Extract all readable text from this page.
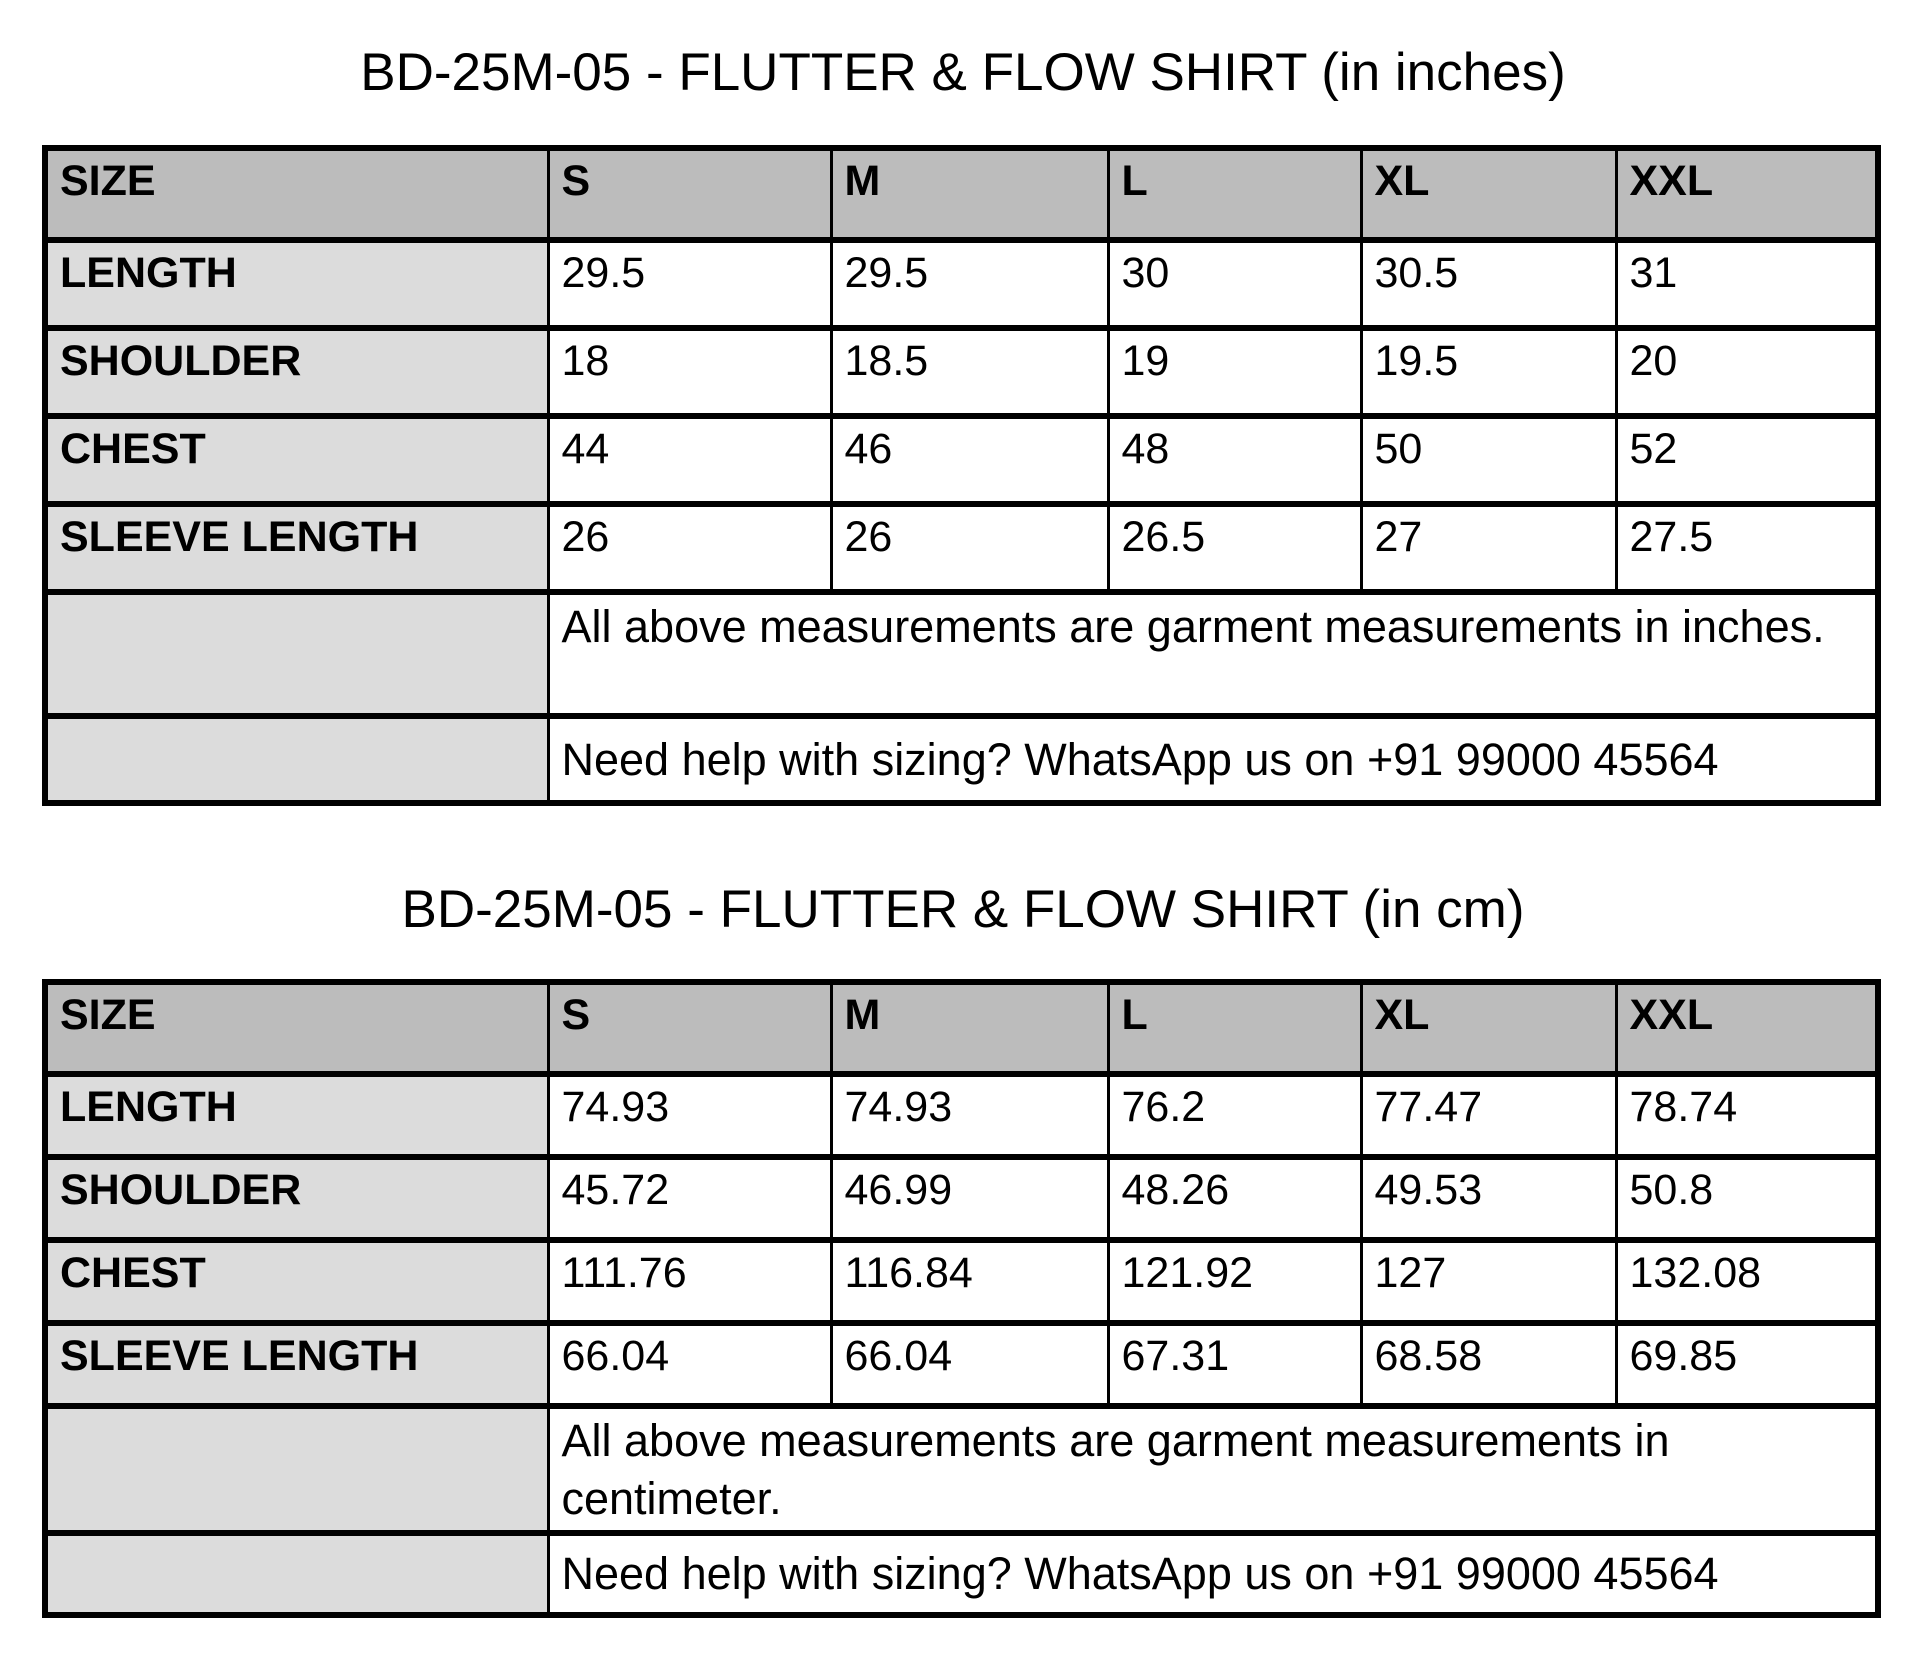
BD-25M-05 - FLUTTER & FLOW SHIRT (in inches)
SIZE	S	M	L	XL	XXL
LENGTH	29.5	29.5	30	30.5	31
SHOULDER	18	18.5	19	19.5	20
CHEST	44	46	48	50	52
SLEEVE LENGTH	26	26	26.5	27	27.5
	All above measurements are garment measurements in inches.				
	Need help with sizing? WhatsApp us on +91 99000 45564				
BD-25M-05 - FLUTTER & FLOW SHIRT (in cm)
SIZE	S	M	L	XL	XXL
LENGTH	74.93	74.93	76.2	77.47	78.74
SHOULDER	45.72	46.99	48.26	49.53	50.8
CHEST	111.76	116.84	121.92	127	132.08
SLEEVE LENGTH	66.04	66.04	67.31	68.58	69.85
	All above measurements are garment measurements in centimeter.				
	Need help with sizing? WhatsApp us on +91 99000 45564				
